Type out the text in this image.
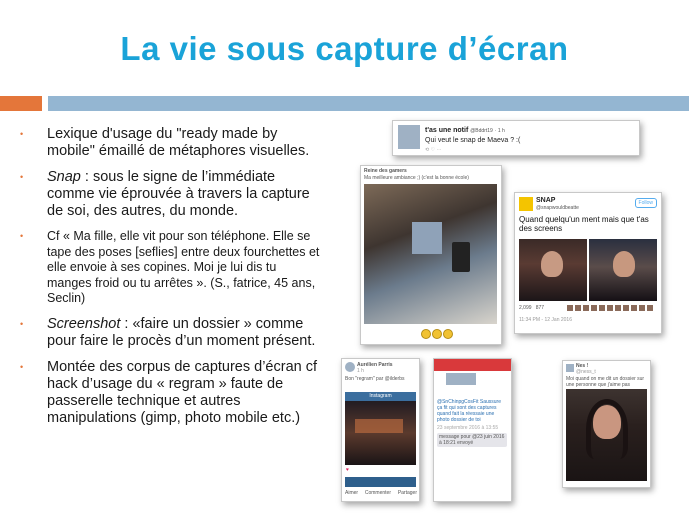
La vie sous capture d’écran
• Lexique d'usage du "ready made by mobile" émaillé de métaphores visuelles.
• Snap : sous le signe de l’immédiate comme vie éprouvée à travers la capture de soi, des autres, du monde.
• Cf « Ma fille, elle vit pour son téléphone. Elle se tape des poses [seflies] entre deux fourchettes et elle envoie à ses copines. Moi je lui dis tu manges froid ou tu arrêtes ». (S., fatrice, 45 ans, Seclin)
• Screenshot : «faire un dossier » comme pour faire le procès d’un moment présent.
• Montée des corpus de captures d’écran cf hack d’usage du « regram » faute de passerelle technique et autres manipulations (gimp, photo mobile etc.)
t'as une notif @Bddrt19 · 1 h
Qui veut le snap de Maeva ? :(
⟲ ♡ ⋯
Reine des gamers
Ma meilleure ambiance ;) (c'est la bonne école)
SNAP
@snapwouldbeatte
Follow
Quand quelqu'un ment mais que t'as des screens
2,099 877
11:34 PM - 12 Jan 2016
Aurélien Parris
1 h
Bon "regram" par @ilderbs
Instagram
♥
Aimer Commenter Partager
@SnChinpgCosFit Saussure ça fit qui sont des captures quand fait la réessaie une photo dossier de toi
23 septembre 2016 à 13:55
message pour @23 juin 2016 à 18:21 envoyé
Nes !
@ness_t
Moi quand on me dit un dossier sur une personne que j'aime pas
